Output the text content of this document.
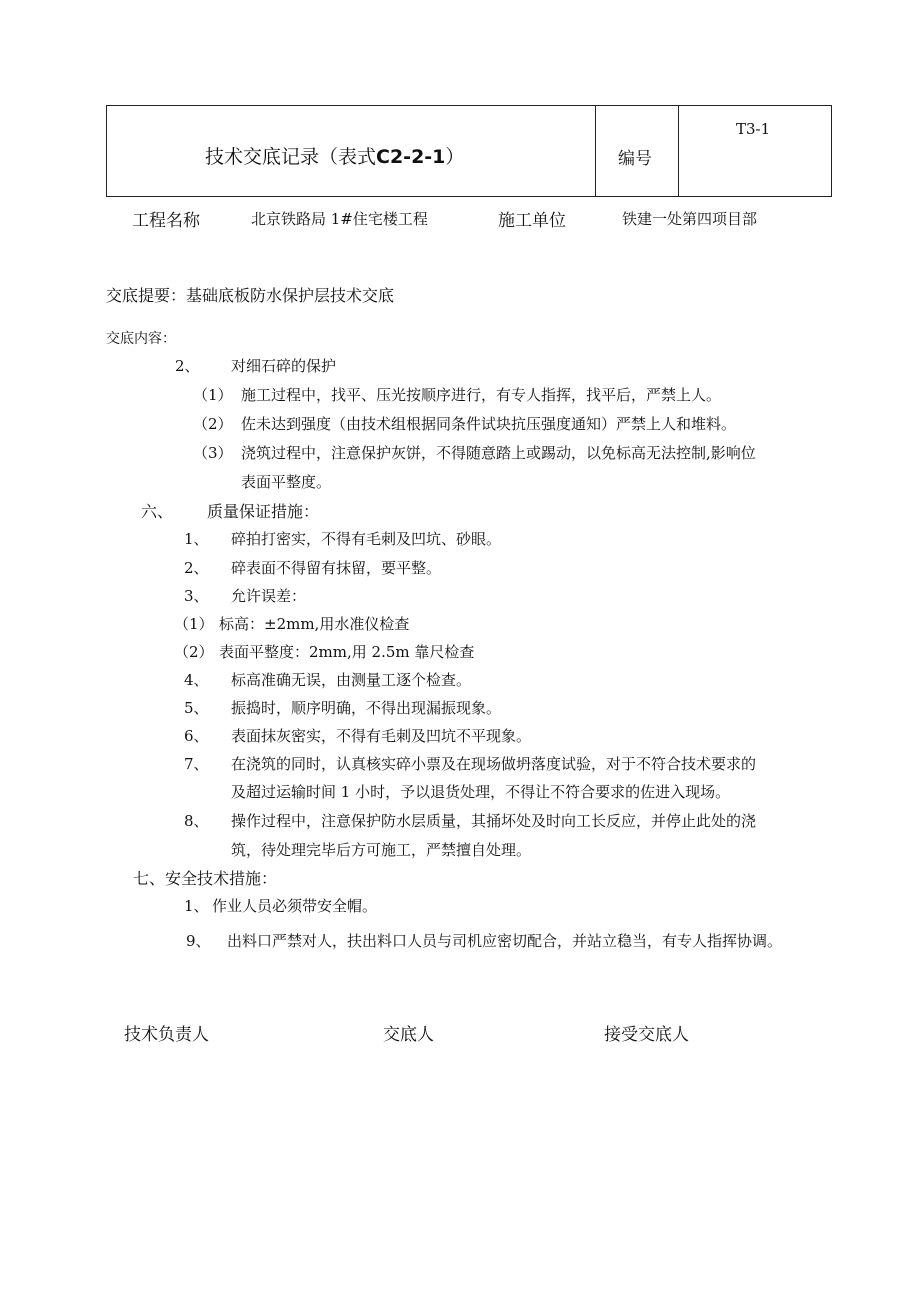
技术交底记录（表式C2-2-1）	编号
T3-1
工程名称	北京铁路局 1#住宅楼工程	施工单位	铁建一处第四项目部
交底提要：基础底板防水保护层技术交底
交底内容：
2、 对细石碎的保护
（1） 施工过程中，找平、压光按顺序进行，有专人指挥，找平后，严禁上人。
（2） 佐未达到强度（由技术组根据同条件试块抗压强度通知）严禁上人和堆料。
（3） 浇筑过程中，注意保护灰饼，不得随意踏上或踢动，以免标高无法控制,影响位
表面平整度。
六、 质量保证措施：
1、 碎拍打密实，不得有毛刺及凹坑、砂眼。
2、 碎表面不得留有抹留，要平整。
3、 允许误差：
（1） 标高：±2mm,用水准仪检查
（2） 表面平整度：2mm,用 2.5m 靠尺检查
4、 标高准确无误，由测量工逐个检查。
5、 振捣时，顺序明确，不得出现漏振现象。
6、 表面抹灰密实，不得有毛刺及凹坑不平现象。
7、 在浇筑的同时，认真核实碎小票及在现场做坍落度试验，对于不符合技术要求的
及超过运输时间 1 小时，予以退货处理，不得让不符合要求的佐进入现场。
8、 操作过程中，注意保护防水层质量，其捅坏处及时向工长反应，并停止此处的浇
筑，待处理完毕后方可施工，严禁擅自处理。
七、安全技术措施：
1、 作业人员必须带安全帽。
9、 出料口严禁对人，扶出料口人员与司机应密切配合，并站立稳当，有专人指挥协调。
技术负责人	交底人	接受交底人
